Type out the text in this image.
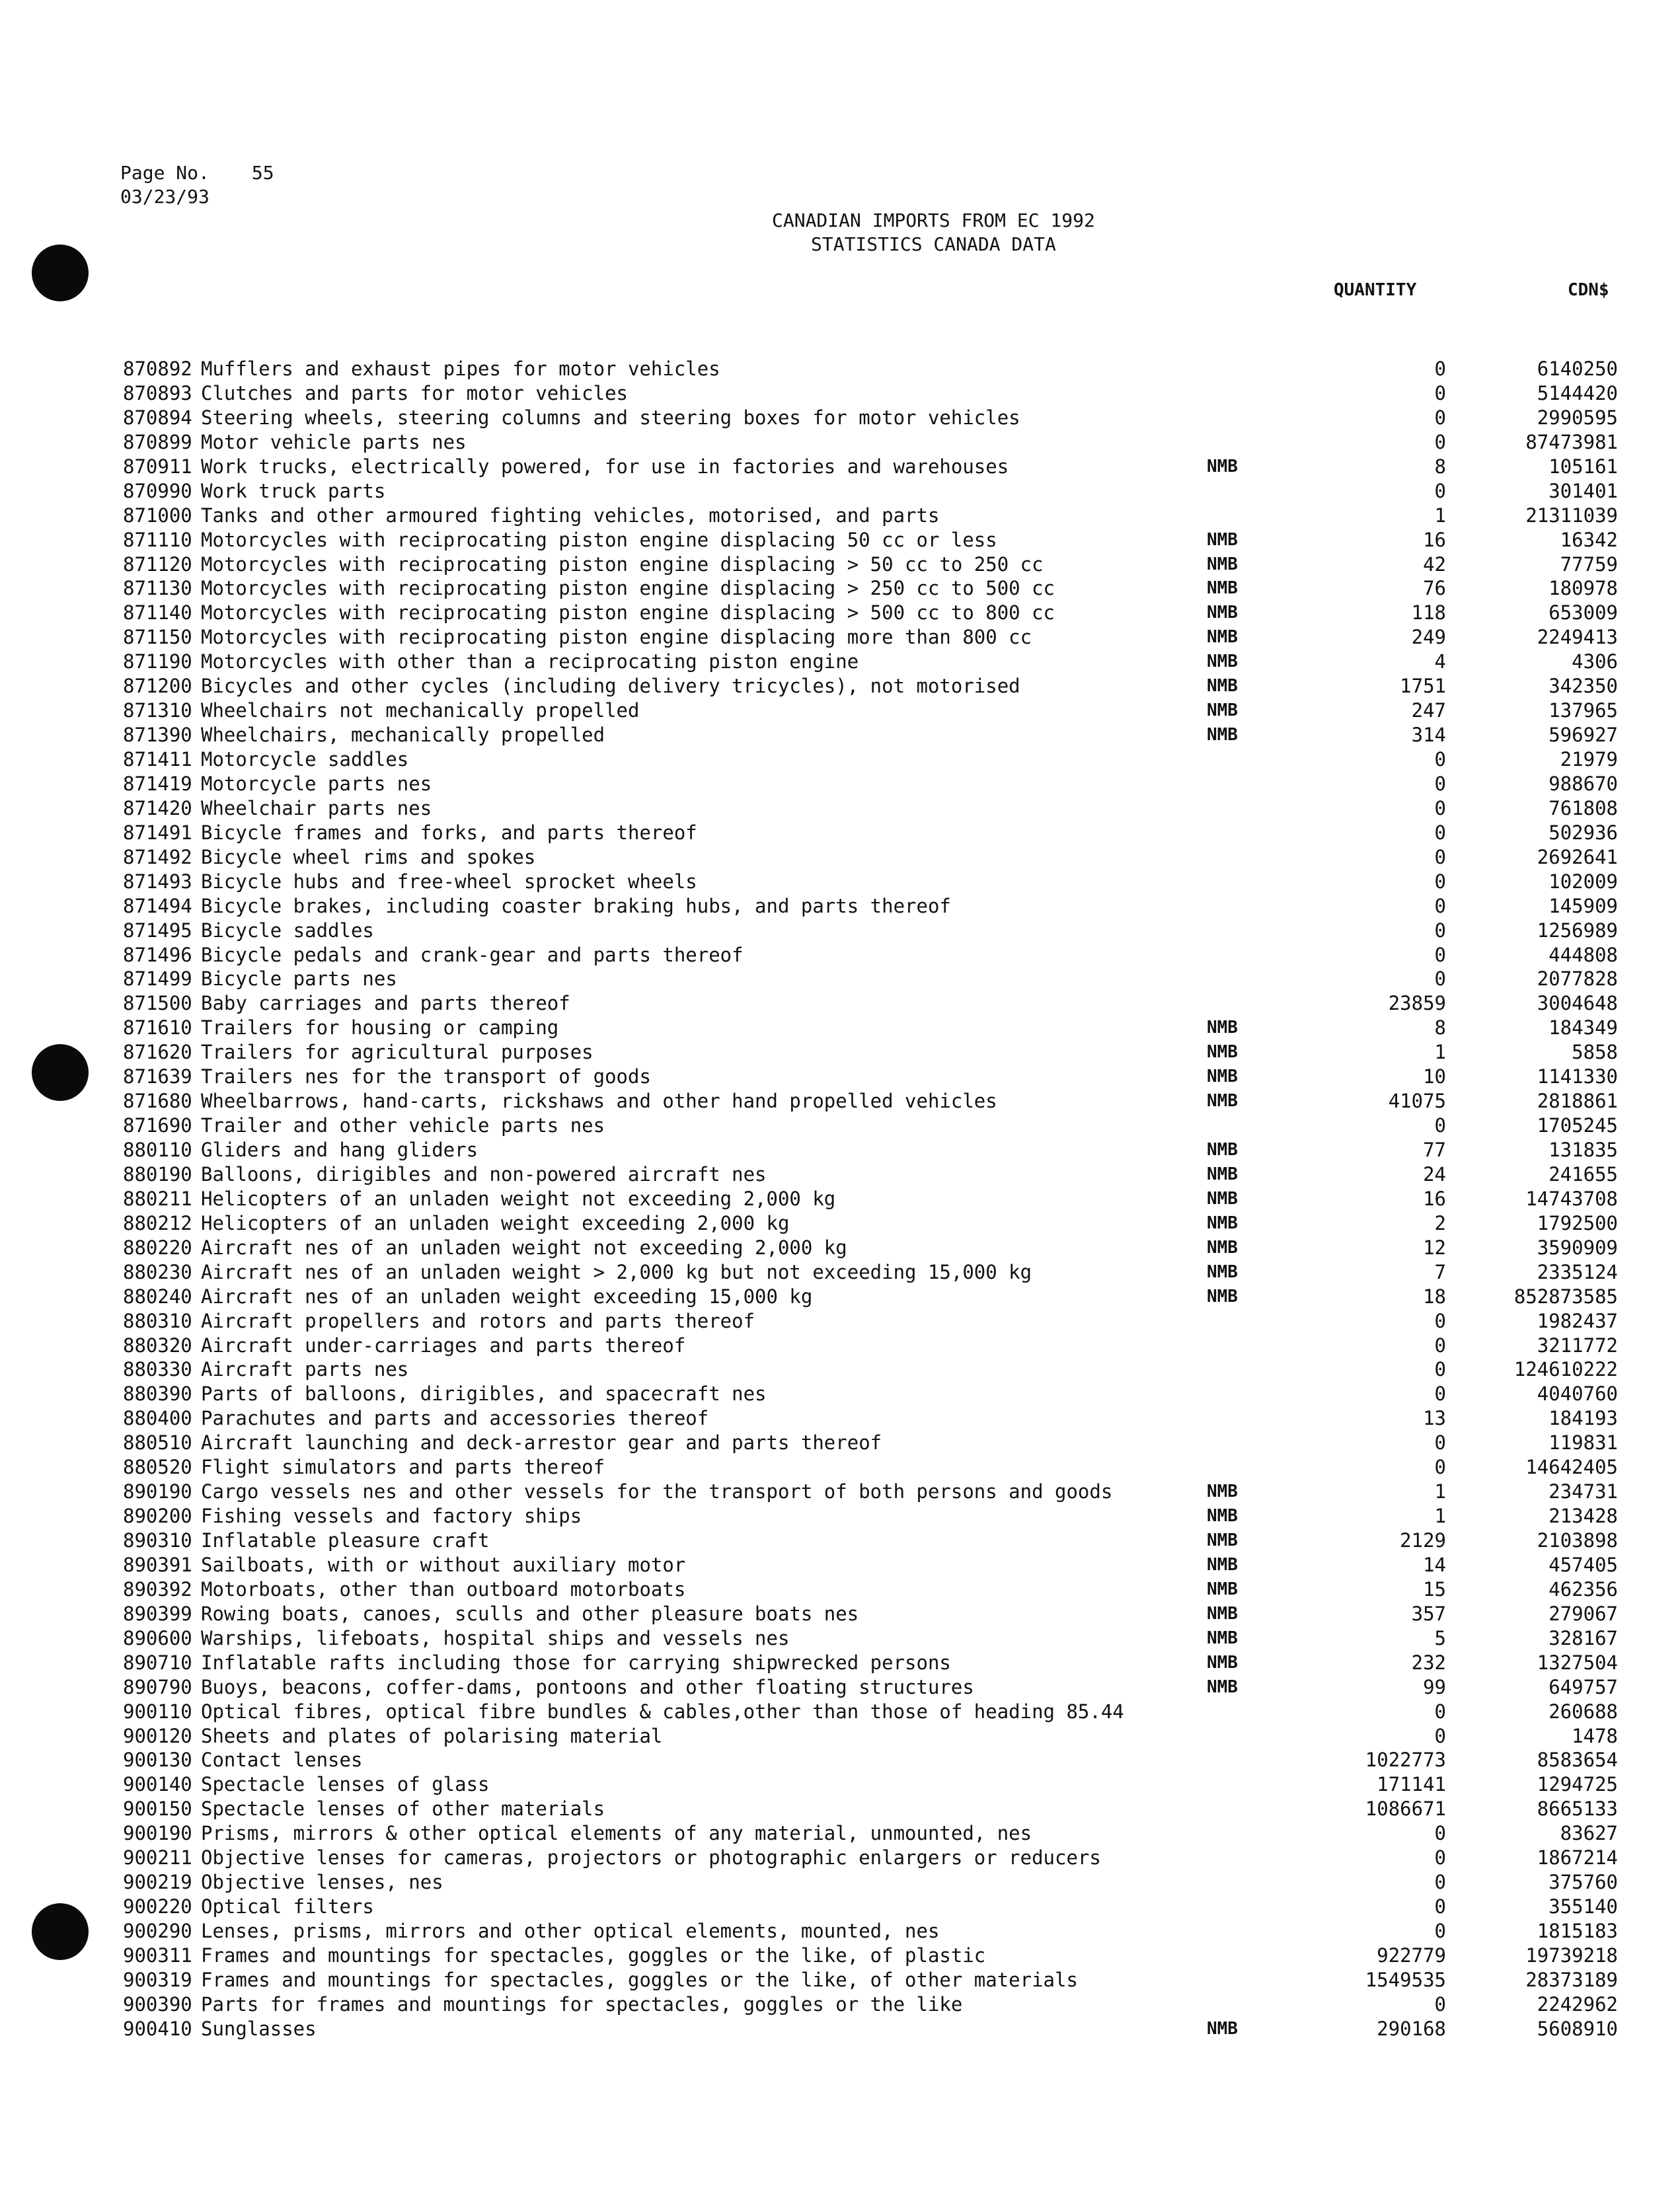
Page No. 55
03/23/93
CANADIAN IMPORTS FROM EC 1992
STATISTICS CANADA DATA
QUANTITY	CDN$
870892 Mufflers and exhaust pipes for motor vehicles	0	6140250
870893 Clutches and parts for motor vehicles	0	5144420
870894 Steering wheels, steering columns and steering boxes for motor vehicles	0	2990595
870899 Motor vehicle parts nes	0	87473981
870911 Work trucks, electrically powered, for use in factories and warehouses	NMB	8	105161
870990 Work truck parts	0	301401
871000 Tanks and other armoured fighting vehicles, motorised, and parts	1	21311039
871110 Motorcycles with reciprocating piston engine displacing 50 cc or less	NMB	16	16342
871120 Motorcycles with reciprocating piston engine displacing > 50 cc to 250 cc	NMB	42	77759
871130 Motorcycles with reciprocating piston engine displacing > 250 cc to 500 cc	NMB	76	180978
871140 Motorcycles with reciprocating piston engine displacing > 500 cc to 800 cc	NMB	118	653009
871150 Motorcycles with reciprocating piston engine displacing more than 800 cc	NMB	249	2249413
871190 Motorcycles with other than a reciprocating piston engine	NMB	4	4306
871200 Bicycles and other cycles (including delivery tricycles), not motorised	NMB	1751	342350
871310 Wheelchairs not mechanically propelled	NMB	247	137965
871390 Wheelchairs, mechanically propelled	NMB	314	596927
871411 Motorcycle saddles	0	21979
871419 Motorcycle parts nes	0	988670
871420 Wheelchair parts nes	0	761808
871491 Bicycle frames and forks, and parts thereof	0	502936
871492 Bicycle wheel rims and spokes	0	2692641
871493 Bicycle hubs and free-wheel sprocket wheels	0	102009
871494 Bicycle brakes, including coaster braking hubs, and parts thereof	0	145909
871495 Bicycle saddles	0	1256989
871496 Bicycle pedals and crank-gear and parts thereof	0	444808
871499 Bicycle parts nes	0	2077828
871500 Baby carriages and parts thereof	23859	3004648
871610 Trailers for housing or camping	NMB	8	184349
871620 Trailers for agricultural purposes	NMB	1	5858
871639 Trailers nes for the transport of goods	NMB	10	1141330
871680 Wheelbarrows, hand-carts, rickshaws and other hand propelled vehicles	NMB	41075	2818861
871690 Trailer and other vehicle parts nes	0	1705245
880110 Gliders and hang gliders	NMB	77	131835
880190 Balloons, dirigibles and non-powered aircraft nes	NMB	24	241655
880211 Helicopters of an unladen weight not exceeding 2,000 kg	NMB	16	14743708
880212 Helicopters of an unladen weight exceeding 2,000 kg	NMB	2	1792500
880220 Aircraft nes of an unladen weight not exceeding 2,000 kg	NMB	12	3590909
880230 Aircraft nes of an unladen weight > 2,000 kg but not exceeding 15,000 kg	NMB	7	2335124
880240 Aircraft nes of an unladen weight exceeding 15,000 kg	NMB	18	852873585
880310 Aircraft propellers and rotors and parts thereof	0	1982437
880320 Aircraft under-carriages and parts thereof	0	3211772
880330 Aircraft parts nes	0	124610222
880390 Parts of balloons, dirigibles, and spacecraft nes	0	4040760
880400 Parachutes and parts and accessories thereof	13	184193
880510 Aircraft launching and deck-arrestor gear and parts thereof	0	119831
880520 Flight simulators and parts thereof	0	14642405
890190 Cargo vessels nes and other vessels for the transport of both persons and goods	NMB	1	234731
890200 Fishing vessels and factory ships	NMB	1	213428
890310 Inflatable pleasure craft	NMB	2129	2103898
890391 Sailboats, with or without auxiliary motor	NMB	14	457405
890392 Motorboats, other than outboard motorboats	NMB	15	462356
890399 Rowing boats, canoes, sculls and other pleasure boats nes	NMB	357	279067
890600 Warships, lifeboats, hospital ships and vessels nes	NMB	5	328167
890710 Inflatable rafts including those for carrying shipwrecked persons	NMB	232	1327504
890790 Buoys, beacons, coffer-dams, pontoons and other floating structures	NMB	99	649757
900110 Optical fibres, optical fibre bundles & cables,other than those of heading 85.44	0	260688
900120 Sheets and plates of polarising material	0	1478
900130 Contact lenses	1022773	8583654
900140 Spectacle lenses of glass	171141	1294725
900150 Spectacle lenses of other materials	1086671	8665133
900190 Prisms, mirrors & other optical elements of any material, unmounted, nes	0	83627
900211 Objective lenses for cameras, projectors or photographic enlargers or reducers	0	1867214
900219 Objective lenses, nes	0	375760
900220 Optical filters	0	355140
900290 Lenses, prisms, mirrors and other optical elements, mounted, nes	0	1815183
900311 Frames and mountings for spectacles, goggles or the like, of plastic	922779	19739218
900319 Frames and mountings for spectacles, goggles or the like, of other materials	1549535	28373189
900390 Parts for frames and mountings for spectacles, goggles or the like	0	2242962
900410 Sunglasses	NMB	290168	5608910
